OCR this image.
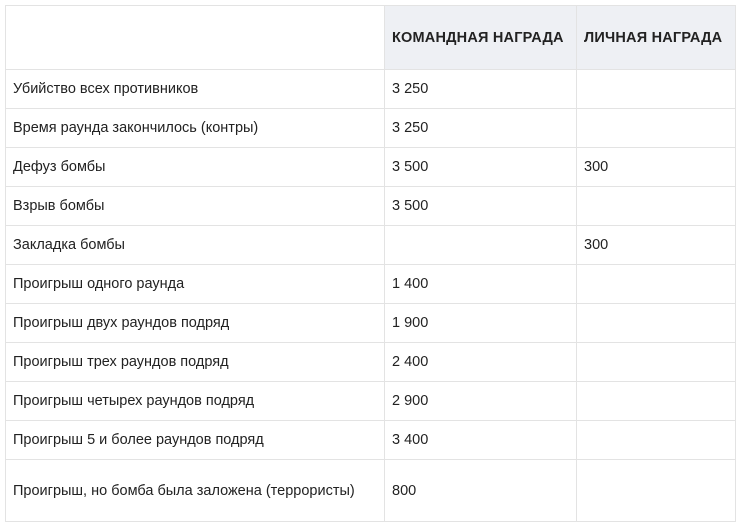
	КОМАНДНАЯ НАГРАДА	ЛИЧНАЯ НАГРАДА
Убийство всех противников	3 250	
Время раунда закончилось (контры)	3 250	
Дефуз бомбы	3 500	300
Взрыв бомбы	3 500	
Закладка бомбы		300
Проигрыш одного раунда	1 400	
Проигрыш двух раундов подряд	1 900	
Проигрыш трех раундов подряд	2 400	
Проигрыш четырех раундов подряд	2 900	
Проигрыш 5 и более раундов подряд	3 400	
Проигрыш, но бомба была заложена (террористы)	800	
